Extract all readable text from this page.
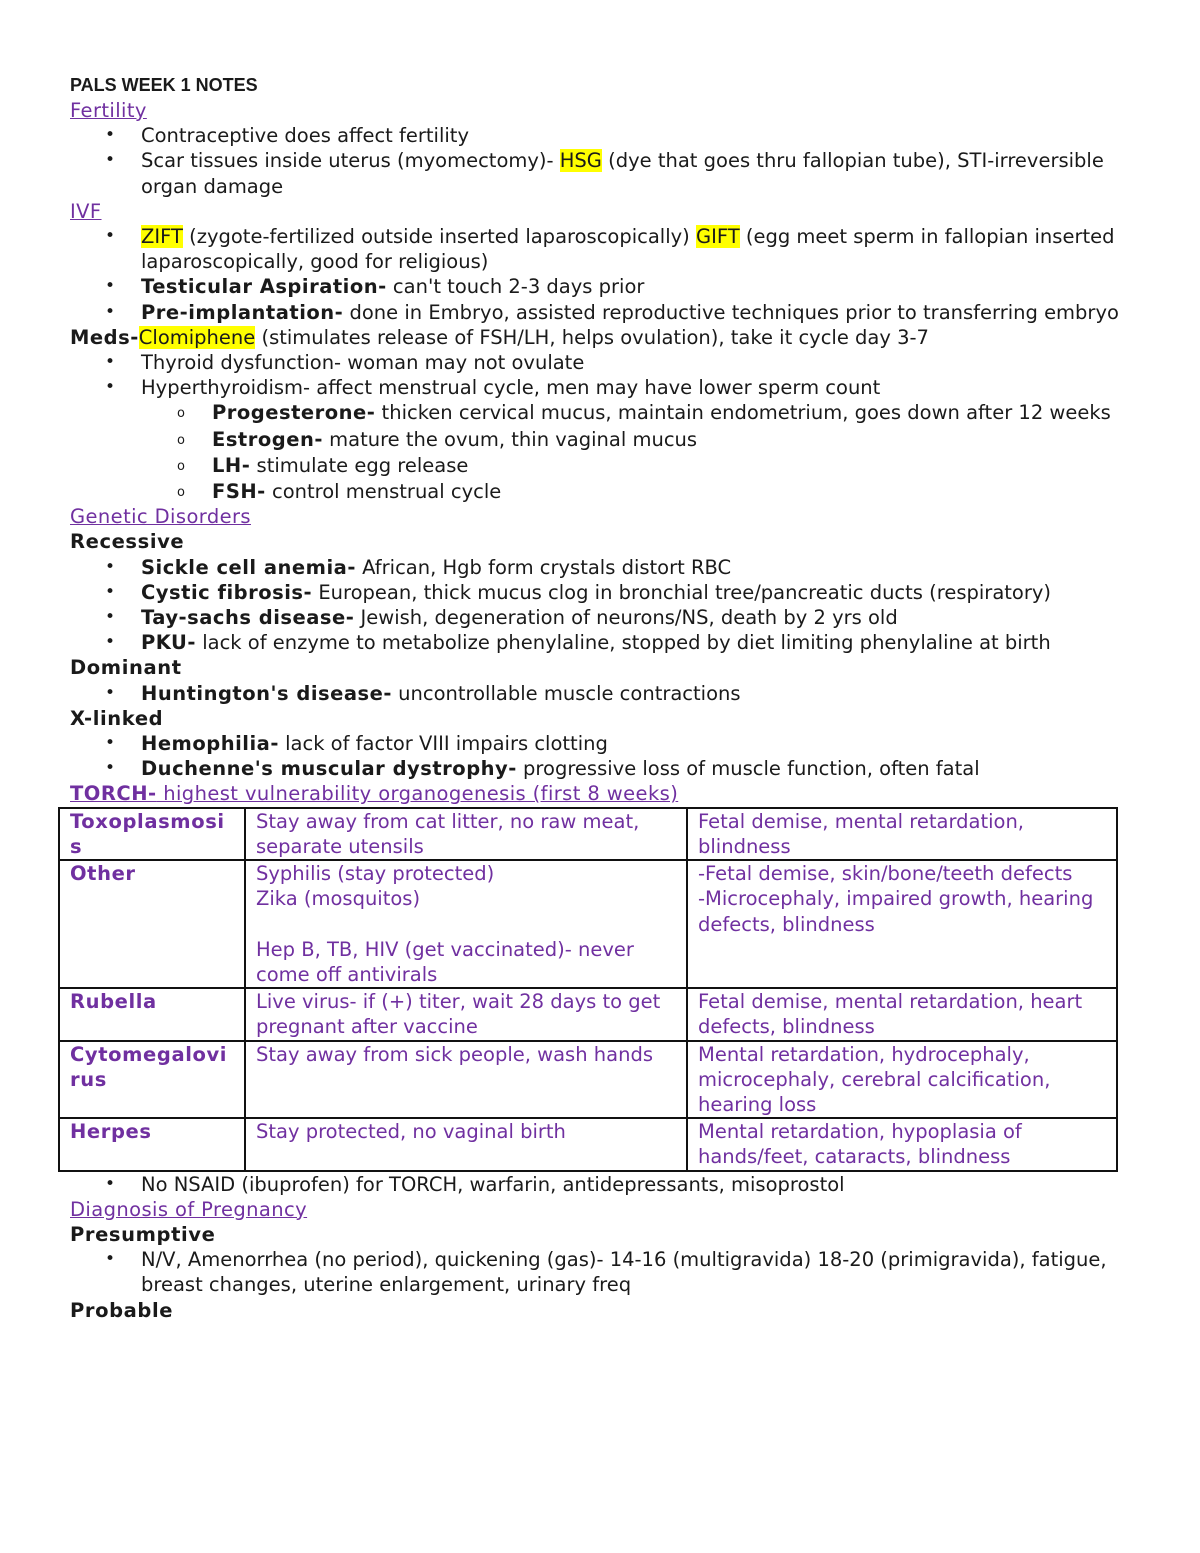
PALS WEEK 1 NOTES
Fertility
• Contraceptive does affect fertility
• Scar tissues inside uterus (myomectomy)- HSG (dye that goes thru fallopian tube), STI-irreversible organ damage
IVF
• ZIFT (zygote-fertilized outside inserted laparoscopically) GIFT (egg meet sperm in fallopian inserted laparoscopically, good for religious)
• Testicular Aspiration- can't touch 2-3 days prior
• Pre-implantation- done in Embryo, assisted reproductive techniques prior to transferring embryo
Meds-Clomiphene (stimulates release of FSH/LH, helps ovulation), take it cycle day 3-7
• Thyroid dysfunction- woman may not ovulate
• Hyperthyroidism- affect menstrual cycle, men may have lower sperm count
o Progesterone- thicken cervical mucus, maintain endometrium, goes down after 12 weeks
o Estrogen- mature the ovum, thin vaginal mucus
o LH- stimulate egg release
o FSH- control menstrual cycle
Genetic Disorders
Recessive
• Sickle cell anemia- African, Hgb form crystals distort RBC
• Cystic fibrosis- European, thick mucus clog in bronchial tree/pancreatic ducts (respiratory)
• Tay-sachs disease- Jewish, degeneration of neurons/NS, death by 2 yrs old
• PKU- lack of enzyme to metabolize phenylaline, stopped by diet limiting phenylaline at birth
Dominant
• Huntington's disease- uncontrollable muscle contractions
X-linked
• Hemophilia- lack of factor VIII impairs clotting
• Duchenne's muscular dystrophy- progressive loss of muscle function, often fatal
TORCH- highest vulnerability organogenesis (first 8 weeks)
Toxoplasmosis	Stay away from cat litter, no raw meat, separate utensils	Fetal demise, mental retardation, blindness
Other	Syphilis (stay protected)
Zika (mosquitos)

Hep B, TB, HIV (get vaccinated)- never come off antivirals	-Fetal demise, skin/bone/teeth defects
-Microcephaly, impaired growth, hearing defects, blindness
Rubella	Live virus- if (+) titer, wait 28 days to get pregnant after vaccine	Fetal demise, mental retardation, heart defects, blindness
Cytomegalovirus	Stay away from sick people, wash hands	Mental retardation, hydrocephaly, microcephaly, cerebral calcification, hearing loss
Herpes	Stay protected, no vaginal birth	Mental retardation, hypoplasia of hands/feet, cataracts, blindness
• No NSAID (ibuprofen) for TORCH, warfarin, antidepressants, misoprostol
Diagnosis of Pregnancy
Presumptive
• N/V, Amenorrhea (no period), quickening (gas)- 14-16 (multigravida) 18-20 (primigravida), fatigue, breast changes, uterine enlargement, urinary freq
Probable
